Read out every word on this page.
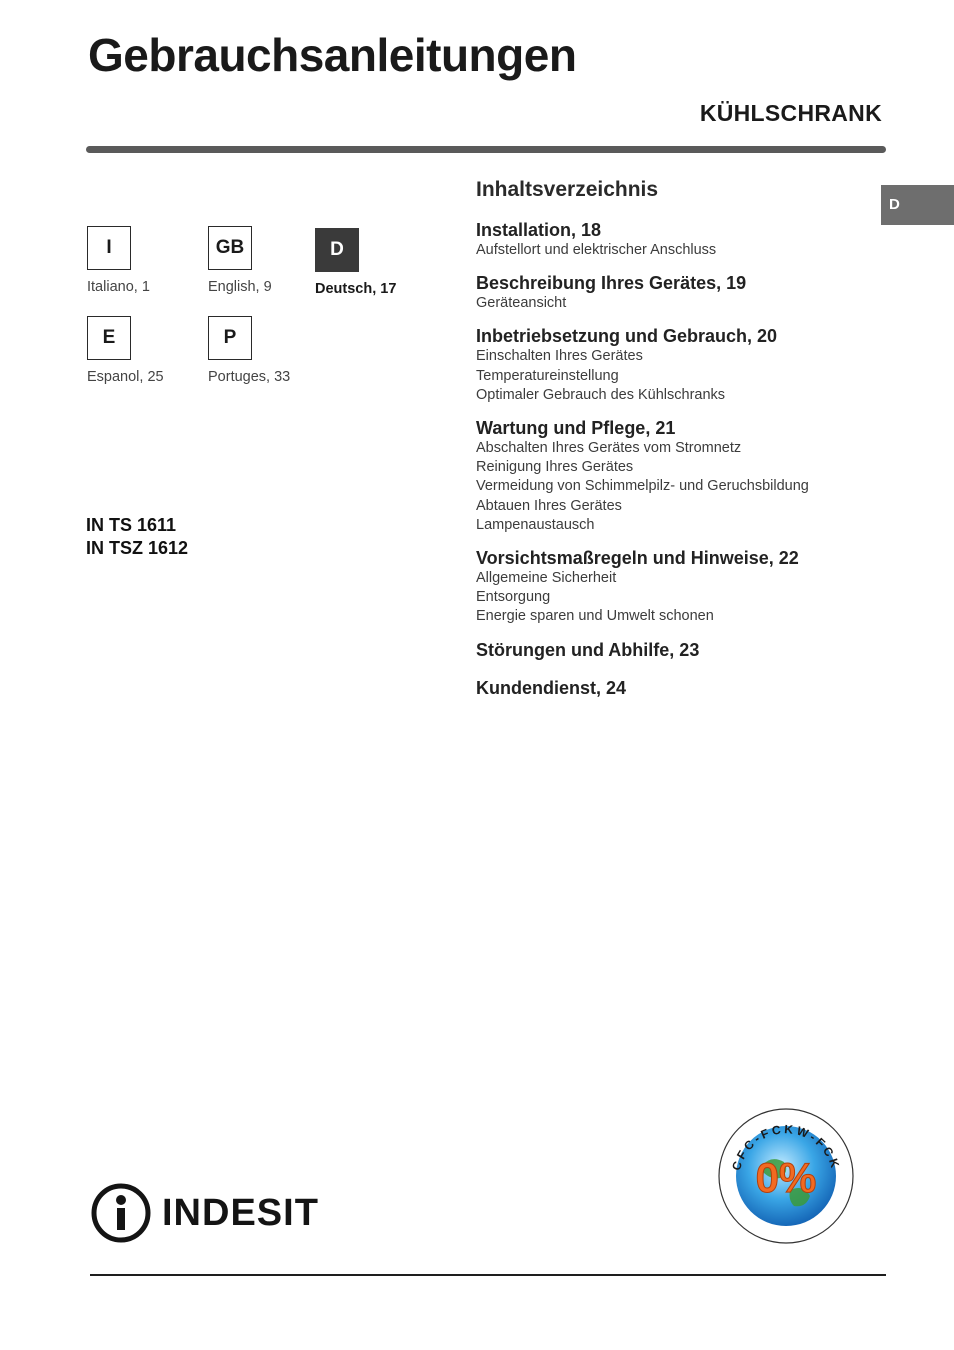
Gebrauchsanleitungen
KÜHLSCHRANK
D
I
Italiano, 1
GB
English, 9
D
Deutsch, 17
E
Espanol, 25
P
Portuges, 33
IN TS 1611
IN TSZ 1612
Inhaltsverzeichnis
Installation, 18
Aufstellort und elektrischer Anschluss
Beschreibung Ihres Gerätes, 19
Geräteansicht
Inbetriebsetzung und Gebrauch, 20
Einschalten Ihres Gerätes
Temperatureinstellung
Optimaler Gebrauch des Kühlschranks
Wartung und Pflege, 21
Abschalten Ihres Gerätes vom Stromnetz
Reinigung Ihres Gerätes
Vermeidung von Schimmelpilz- und Geruchsbildung
Abtauen Ihres Gerätes
Lampenaustausch
Vorsichtsmaßregeln und Hinweise, 22
Allgemeine Sicherheit
Entsorgung
Energie sparen und Umwelt schonen
Störungen und Abhilfe, 23
Kundendienst, 24
INDESIT
CFC-FCKW-FCK
0%
